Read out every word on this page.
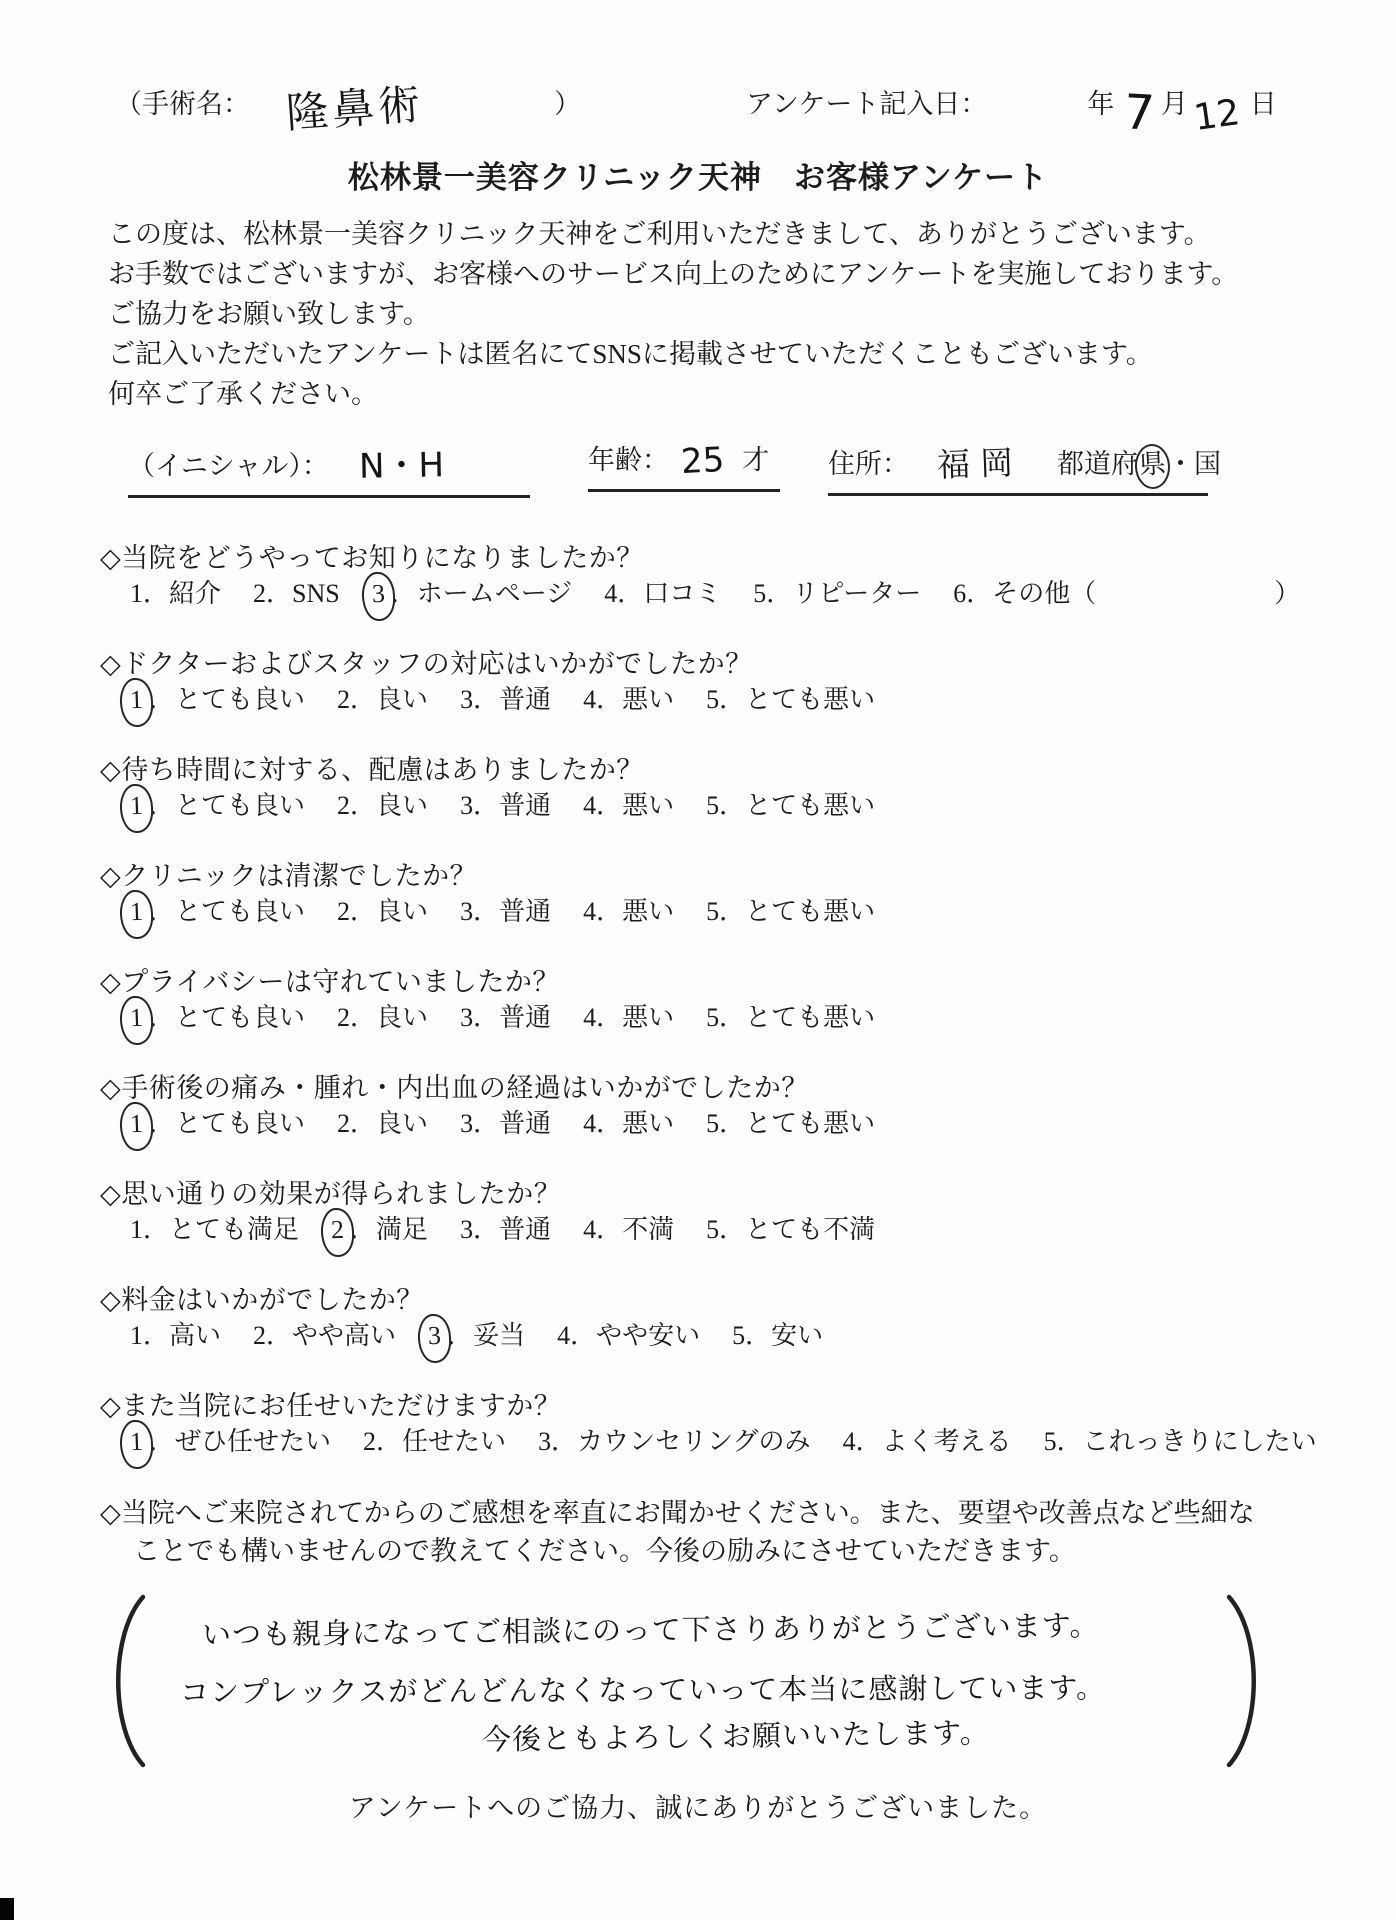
（手術名： 隆鼻術	）	アンケート記入日：	年 7 月12 日
松林景一美容クリニック天神　お客様アンケート
この度は、松林景一美容クリニック天神をご利用いただきまして、ありがとうございます。
お手数ではございますが、お客様へのサービス向上のためにアンケートを実施しております。
ご協力をお願い致します。
ご記入いただいたアンケートは匿名にてSNSに掲載させていただくこともございます。
何卒ご了承ください。
（イニシャル）： N・H	年齢： 25 才	住所： 福岡 都道府県・国
◇当院をどうやってお知りになりましたか？
1．紹介 2．SNS 3 ．ホームページ 4．口コミ 5．リピーター 6．その他（	）
◇ドクターおよびスタッフの対応はいかがでしたか？
1 ．とても良い 2．良い 3．普通 4．悪い 5．とても悪い
◇待ち時間に対する、配慮はありましたか？
1 ．とても良い 2．良い 3．普通 4．悪い 5．とても悪い
◇クリニックは清潔でしたか？
1 ．とても良い 2．良い 3．普通 4．悪い 5．とても悪い
◇プライバシーは守れていましたか？
1 ．とても良い 2．良い 3．普通 4．悪い 5．とても悪い
◇手術後の痛み・腫れ・内出血の経過はいかがでしたか？
1 ．とても良い 2．良い 3．普通 4．悪い 5．とても悪い
◇思い通りの効果が得られましたか？
1．とても満足 2 ．満足 3．普通 4．不満 5．とても不満
◇料金はいかがでしたか？
1．高い 2．やや高い 3 ．妥当 4．やや安い 5．安い
◇また当院にお任せいただけますか？
1 ．ぜひ任せたい 2．任せたい 3．カウンセリングのみ 4．よく考える 5．これっきりにしたい
◇当院へご来院されてからのご感想を率直にお聞かせください。また、要望や改善点など些細な
ことでも構いませんので教えてください。今後の励みにさせていただきます。
いつも親身になってご相談にのって下さりありがとうございます。
コンプレックスがどんどんなくなっていって本当に感謝しています。
今後ともよろしくお願いいたします。
アンケートへのご協力、誠にありがとうございました。
